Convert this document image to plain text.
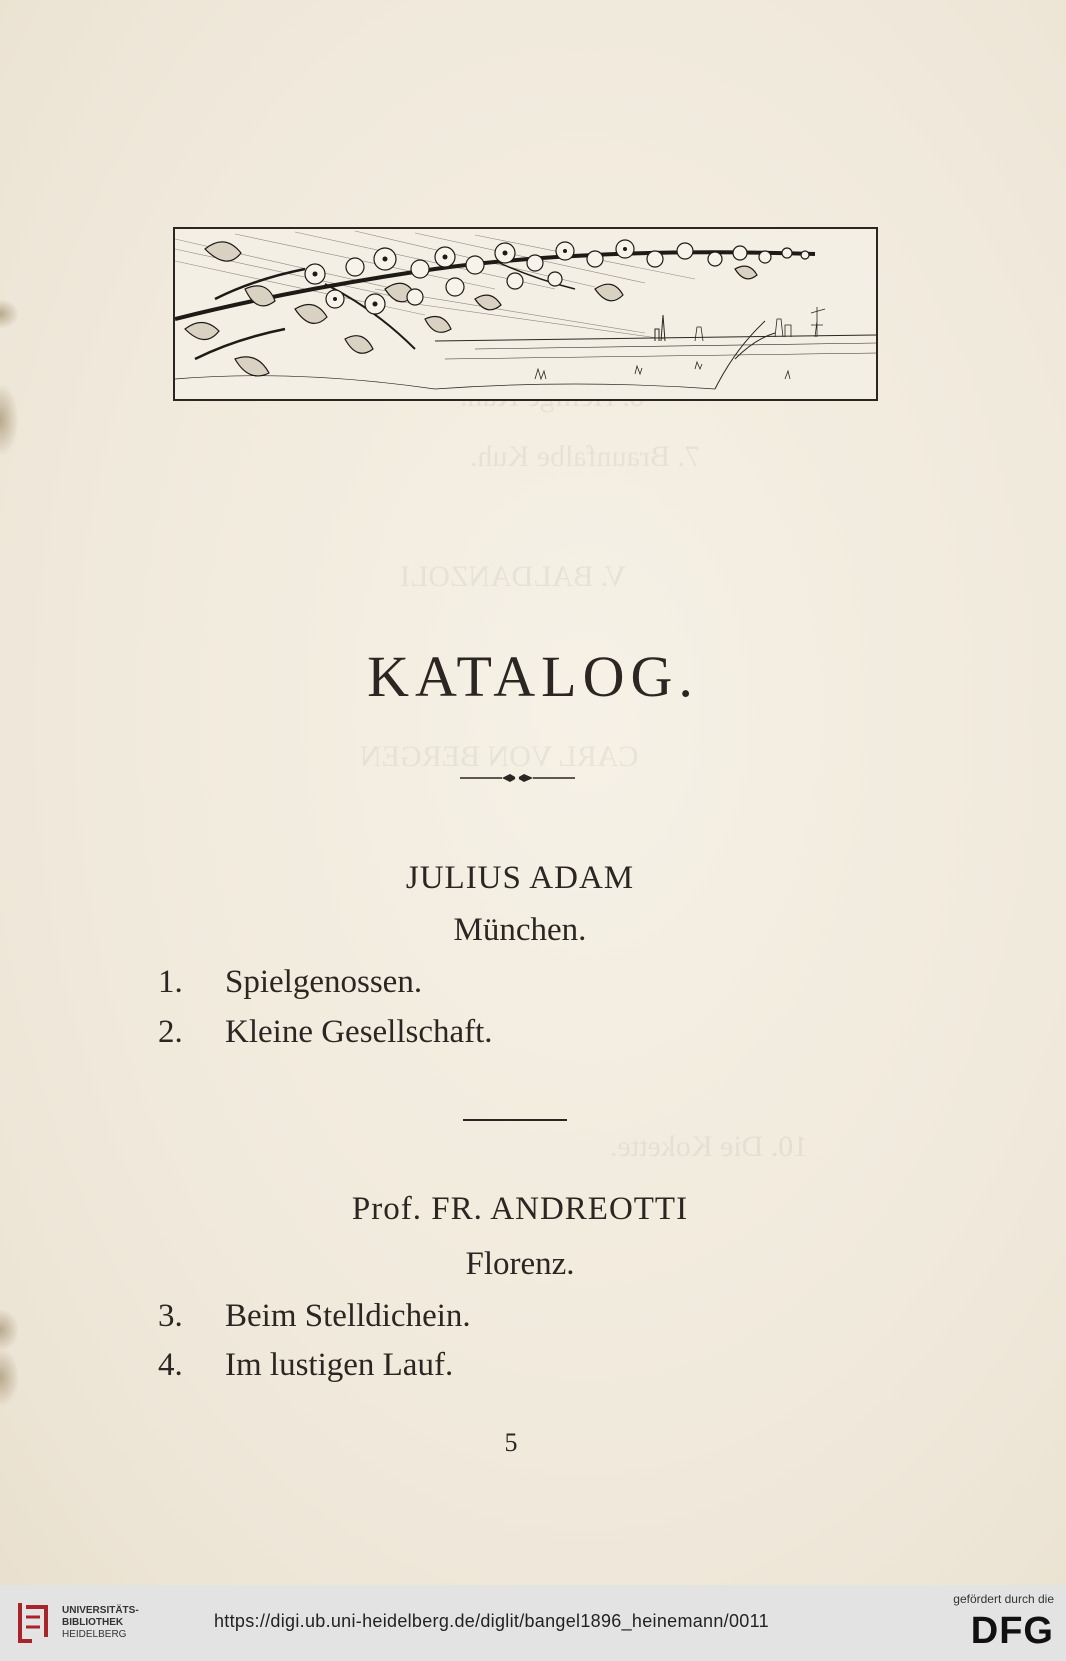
7. Braunfalbe Kuh.
V. BALDANZOLI
CARL VON BERGEN
10. Die Kokette.
KATALOG.
JULIUS ADAM
München.
1. Spielgenossen.
2. Kleine Gesellschaft.
Prof. FR. ANDREOTTI
Florenz.
3. Beim Stelldichein.
4. Im lustigen Lauf.
5
UNIVERSITÄTS-
BIBLIOTHEK
HEIDELBERG
https://digi.ub.uni-heidelberg.de/diglit/bangel1896_heinemann/0011
gefördert durch die
DFG
